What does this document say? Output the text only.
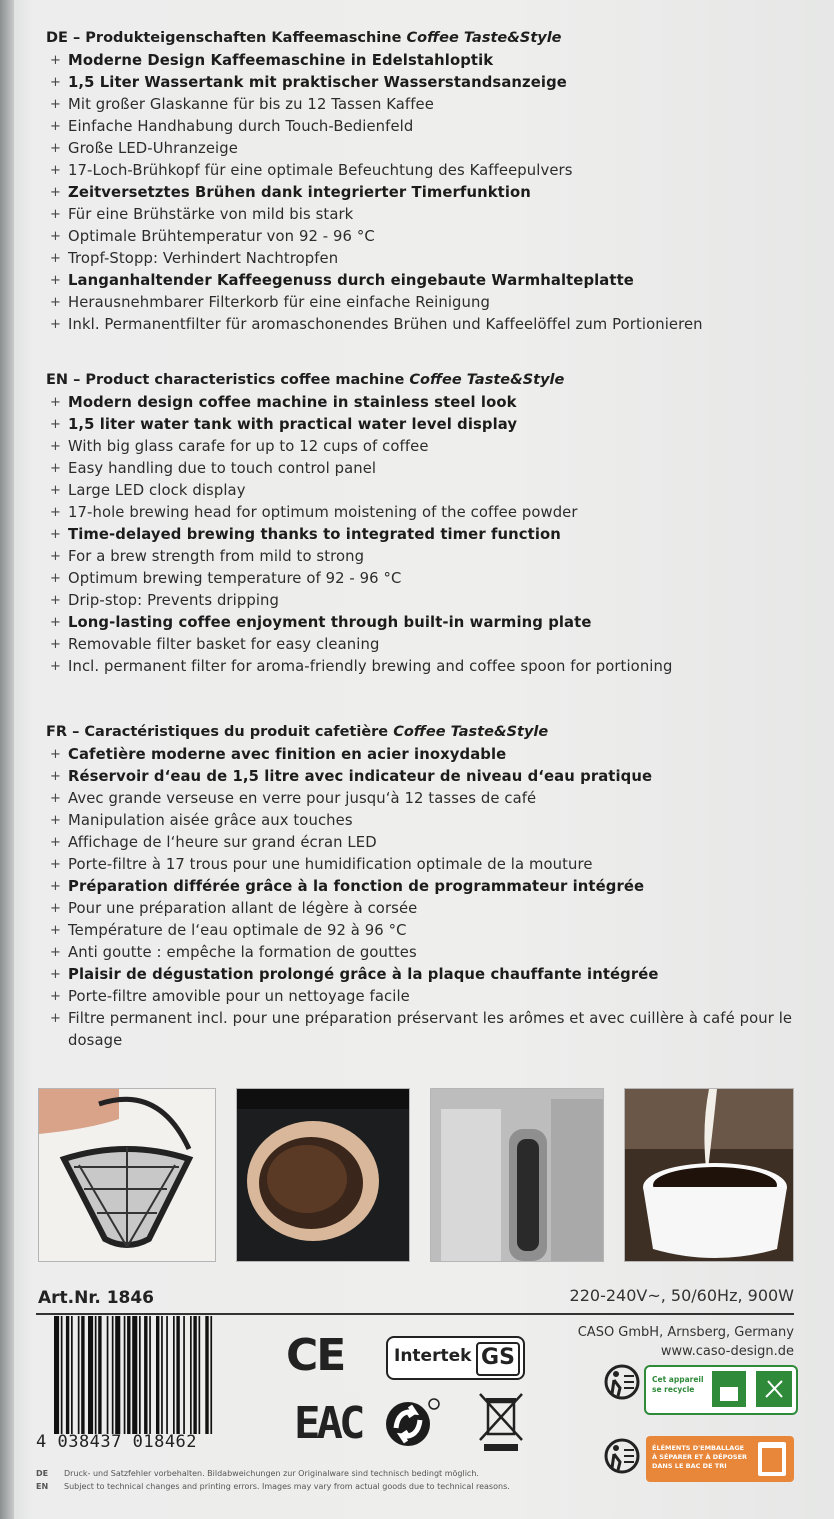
DE – Produkteigenschaften Kaffeemaschine Coffee Taste&Style
+ Moderne Design Kaffeemaschine in Edelstahloptik
+ 1,5 Liter Wassertank mit praktischer Wasserstandsanzeige
+ Mit großer Glaskanne für bis zu 12 Tassen Kaffee
+ Einfache Handhabung durch Touch-Bedienfeld
+ Große LED-Uhranzeige
+ 17-Loch-Brühkopf für eine optimale Befeuchtung des Kaffeepulvers
+ Zeitversetztes Brühen dank integrierter Timerfunktion
+ Für eine Brühstärke von mild bis stark
+ Optimale Brühtemperatur von 92 - 96 °C
+ Tropf-Stopp: Verhindert Nachtropfen
+ Langanhaltender Kaffeegenuss durch eingebaute Warmhalteplatte
+ Herausnehmbarer Filterkorb für eine einfache Reinigung
+ Inkl. Permanentfilter für aromaschonendes Brühen und Kaffeelöffel zum Portionieren
EN – Product characteristics coffee machine Coffee Taste&Style
+ Modern design coffee machine in stainless steel look
+ 1,5 liter water tank with practical water level display
+ With big glass carafe for up to 12 cups of coffee
+ Easy handling due to touch control panel
+ Large LED clock display
+ 17-hole brewing head for optimum moistening of the coffee powder
+ Time-delayed brewing thanks to integrated timer function
+ For a brew strength from mild to strong
+ Optimum brewing temperature of 92 - 96 °C
+ Drip-stop: Prevents dripping
+ Long-lasting coffee enjoyment through built-in warming plate
+ Removable filter basket for easy cleaning
+ Incl. permanent filter for aroma-friendly brewing and coffee spoon for portioning
FR – Caractéristiques du produit cafetière Coffee Taste&Style
+ Cafetière moderne avec finition en acier inoxydable
+ Réservoir d‘eau de 1,5 litre avec indicateur de niveau d‘eau pratique
+ Avec grande verseuse en verre pour jusqu‘à 12 tasses de café
+ Manipulation aisée grâce aux touches
+ Affichage de l‘heure sur grand écran LED
+ Porte-filtre à 17 trous pour une humidification optimale de la mouture
+ Préparation différée grâce à la fonction de programmateur intégrée
+ Pour une préparation allant de légère à corsée
+ Température de l‘eau optimale de 92 à 96 °C
+ Anti goutte : empêche la formation de gouttes
+ Plaisir de dégustation prolongé grâce à la plaque chauffante intégrée
+ Porte-filtre amovible pour un nettoyage facile
+ Filtre permanent incl. pour une préparation préservant les arômes et avec cuillère à café pour le dosage
Art.Nr. 1846	220-240V~, 50/60Hz, 900W
4 038437 018462
CE
EAC
Intertek GS
CASO GmbH, Arnsberg, Germany
www.caso-design.de
Cet appareil se recycle
ÉLÉMENTS D'EMBALLAGE À SÉPARER ET À DÉPOSER DANS LE BAC DE TRI
DE Druck- und Satzfehler vorbehalten. Bildabweichungen zur Originalware sind technisch bedingt möglich.
EN Subject to technical changes and printing errors. Images may vary from actual goods due to technical reasons.
